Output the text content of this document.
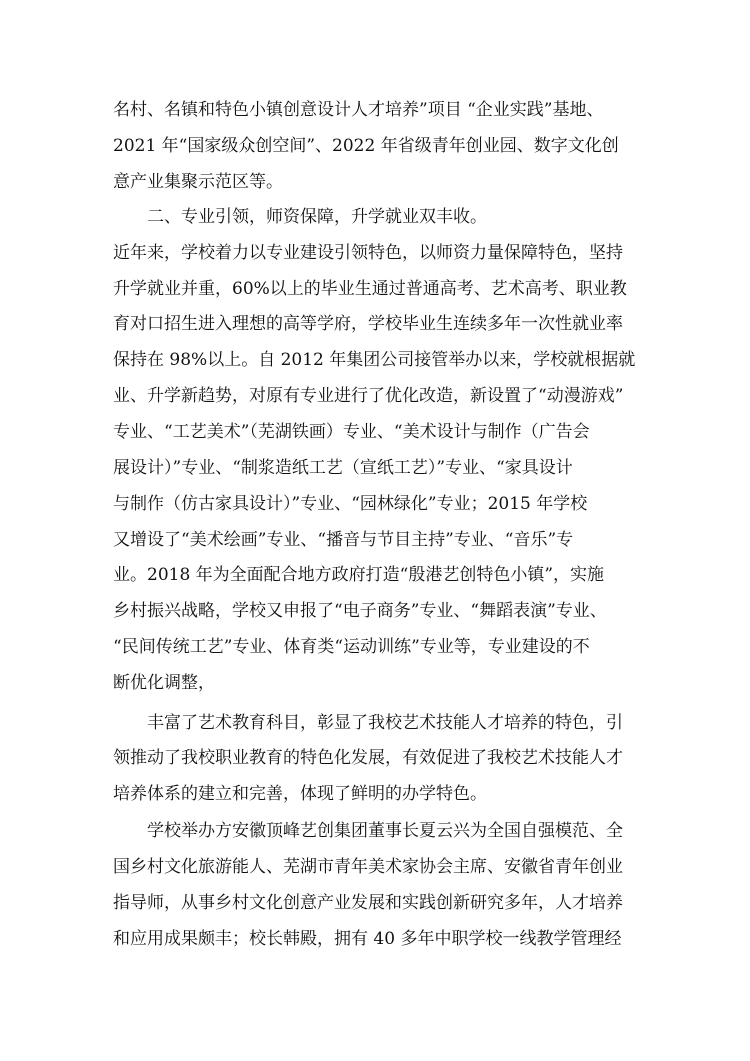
名村、名镇和特色小镇创意设计人才培养”项目 “企业实践”基地、
2021 年“国家级众创空间”、2022 年省级青年创业园、数字文化创
意产业集聚示范区等。
二、专业引领，师资保障，升学就业双丰收。
近年来，学校着力以专业建设引领特色，以师资力量保障特色，坚持
升学就业并重，60%以上的毕业生通过普通高考、艺术高考、职业教
育对口招生进入理想的高等学府，学校毕业生连续多年一次性就业率
保持在 98%以上。自 2012 年集团公司接管举办以来，学校就根据就
业、升学新趋势，对原有专业进行了优化改造，新设置了“动漫游戏”
专业、“工艺美术”（芜湖铁画）专业、“美术设计与制作（广告会
展设计）”专业、“制浆造纸工艺（宣纸工艺）”专业、“家具设计
与制作（仿古家具设计）”专业、“园林绿化”专业；2015 年学校
又增设了“美术绘画”专业、“播音与节目主持”专业、“音乐”专
业。2018 年为全面配合地方政府打造“殷港艺创特色小镇”，实施
乡村振兴战略，学校又申报了“电子商务”专业、“舞蹈表演”专业、
“民间传统工艺”专业、体育类“运动训练”专业等，专业建设的不
断优化调整，
丰富了艺术教育科目，彰显了我校艺术技能人才培养的特色，引
领推动了我校职业教育的特色化发展，有效促进了我校艺术技能人才
培养体系的建立和完善，体现了鲜明的办学特色。
学校举办方安徽顶峰艺创集团董事长夏云兴为全国自强模范、全
国乡村文化旅游能人、芜湖市青年美术家协会主席、安徽省青年创业
指导师，从事乡村文化创意产业发展和实践创新研究多年，人才培养
和应用成果颇丰；校长韩殿，拥有 40 多年中职学校一线教学管理经
